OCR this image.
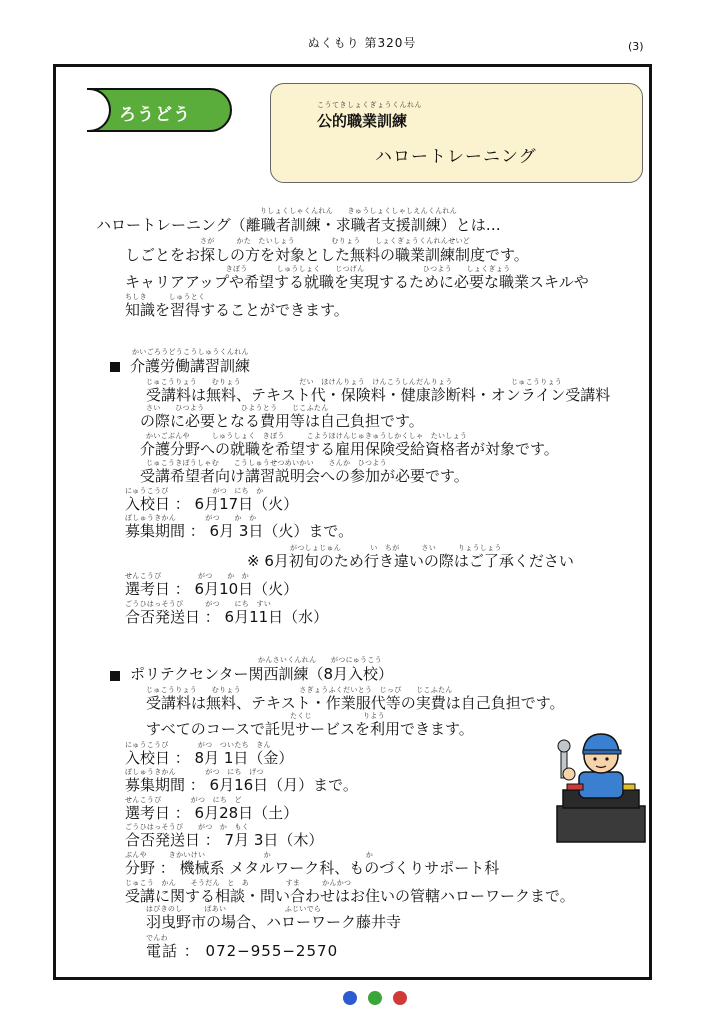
ぬくもり 第320号	(3)
ろうどう	こうてきしょくぎょうくんれん
公的職業訓練
ハロートレーニング
りしょくしゃくんれん　　きゅうしょくしゃしえんくんれん
ハロートレーニング（離職者訓練・求職者支援訓練）とは…
さが　　　かた　たいしょう　　　　　むりょう　　しょくぎょうくんれんせいど
しごとをお探しの方を対象とした無料の職業訓練制度です。
　　　　　　　　　きぼう　　　　しゅうしょく　　じつげん　　　　　　　　ひつよう　　しょくぎょう
キャリアアップや希望する就職を実現するために必要な職業スキルや
ちしき　　　しゅうとく
知識を習得することができます。
かいごろうどうこうしゅうくんれん
介護労働講習訓練
じゅこうりょう　　むりょう　　　　　　　　だい　ほけんりょう　けんこうしんだんりょう　　　　　　　　じゅこうりょう
受講料は無料、テキスト代・保険料・健康診断料・オンライン受講料
さい　　ひつよう　　　　　ひようとう　　じこふたん
の際に必要となる費用等は自己負担です。
かいごぶんや　　　しゅうしょく　きぼう　　　こようほけんじゅきゅうしかくしゃ　たいしょう
介護分野への就職を希望する雇用保険受給資格者が対象です。
じゅこうきぼうしゃむ　　こうしゅうせつめいかい　　さんか　ひつよう
受講希望者向け講習説明会への参加が必要です。
にゅうこうび　　　　　　がつ　にち　か
入校日 ： 6月17日（火）
ぼしゅうきかん　　　　がつ　　か　か
募集期間 ： 6月 3日（火）まで。
がつしょじゅん　　　　い　ちが　　　さい　　　りょうしょう
※ 6月初旬のため行き違いの際はご了承ください
せんこうび　　　　　がつ　　か　か
選考日 ： 6月10日（火）
ごうひはっそうび　　　がつ　　にち　すい
合否発送日 ： 6月11日（水）
かんさいくんれん　　がつにゅうこう
ポリテクセンター関西訓練（8月入校）
じゅこうりょう　　むりょう　　　　　　　　さぎょうふくだいとう　じっぴ　　じこふたん
受講料は無料、テキスト・作業服代等の実費は自己負担です。
たくじ　　　　　　　りよう
すべてのコースで託児サービスを利用できます。
にゅうこうび　　　　がつ　ついたち　きん
入校日 ： 8月 1日（金）
ぼしゅうきかん　　　　がつ　にち　げつ
募集期間 ： 6月16日（月）まで。
せんこうび　　　　がつ　にち　ど
選考日 ： 6月28日（土）
ごうひはっそうび　　がつ　か　もく
合否発送日 ： 7月 3日（木）
ぶんや　　　きかいけい　　　　　　　　か　　　　　　　　　　　　　か
分野 ： 機械系 メタルワーク科、ものづくりサポート科
じゅこう　かん　　そうだん　と　あ　　　　　すま　　　かんかつ
受講に関する相談・問い合わせはお住いの管轄ハローワークまで。
はびきのし　　　ばあい　　　　　　　　ふじいでら
羽曳野市の場合、ハローワーク藤井寺
でんわ
電話 ： 072−955−2570
